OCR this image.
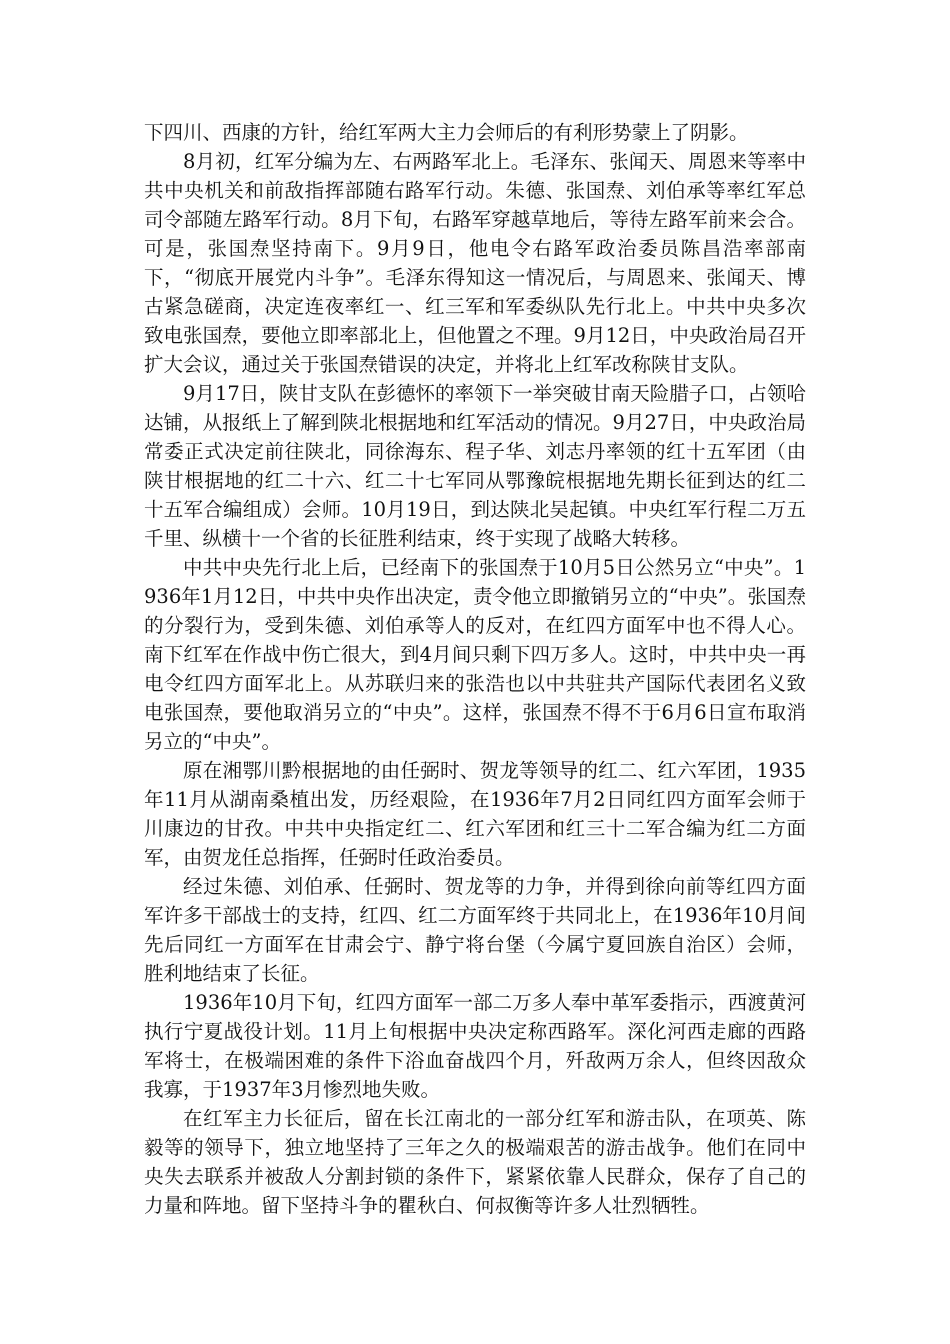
下四川、西康的方针，给红军两大主力会师后的有利形势蒙上了阴影。

8月初，红军分编为左、右两路军北上。毛泽东、张闻天、周恩来等率中共中央机关和前敌指挥部随右路军行动。朱德、张国焘、刘伯承等率红军总司令部随左路军行动。8月下旬，右路军穿越草地后，等待左路军前来会合。可是，张国焘坚持南下。9月9日，他电令右路军政治委员陈昌浩率部南下，“彻底开展党内斗争”。毛泽东得知这一情况后，与周恩来、张闻天、博古紧急磋商，决定连夜率红一、红三军和军委纵队先行北上。中共中央多次致电张国焘，要他立即率部北上，但他置之不理。9月12日，中央政治局召开扩大会议，通过关于张国焘错误的决定，并将北上红军改称陕甘支队。

9月17日，陕甘支队在彭德怀的率领下一举突破甘南天险腊子口，占领哈达铺，从报纸上了解到陕北根据地和红军活动的情况。9月27日，中央政治局常委正式决定前往陕北，同徐海东、程子华、刘志丹率领的红十五军团（由陕甘根据地的红二十六、红二十七军同从鄂豫皖根据地先期长征到达的红二十五军合编组成）会师。10月19日，到达陕北吴起镇。中央红军行程二万五千里、纵横十一个省的长征胜利结束，终于实现了战略大转移。

中共中央先行北上后，已经南下的张国焘于10月5日公然另立“中央”。1936年1月12日，中共中央作出决定，责令他立即撤销另立的“中央”。张国焘的分裂行为，受到朱德、刘伯承等人的反对，在红四方面军中也不得人心。南下红军在作战中伤亡很大，到4月间只剩下四万多人。这时，中共中央一再电令红四方面军北上。从苏联归来的张浩也以中共驻共产国际代表团名义致电张国焘，要他取消另立的“中央”。这样，张国焘不得不于6月6日宣布取消另立的“中央”。

原在湘鄂川黔根据地的由任弼时、贺龙等领导的红二、红六军团，1935年11月从湖南桑植出发，历经艰险，在1936年7月2日同红四方面军会师于川康边的甘孜。中共中央指定红二、红六军团和红三十二军合编为红二方面军，由贺龙任总指挥，任弼时任政治委员。

经过朱德、刘伯承、任弼时、贺龙等的力争，并得到徐向前等红四方面军许多干部战士的支持，红四、红二方面军终于共同北上，在1936年10月间先后同红一方面军在甘肃会宁、静宁将台堡（今属宁夏回族自治区）会师，胜利地结束了长征。

1936年10月下旬，红四方面军一部二万多人奉中革军委指示，西渡黄河执行宁夏战役计划。11月上旬根据中央决定称西路军。深化河西走廊的西路军将士，在极端困难的条件下浴血奋战四个月，歼敌两万余人，但终因敌众我寡，于1937年3月惨烈地失败。

在红军主力长征后，留在长江南北的一部分红军和游击队，在项英、陈毅等的领导下，独立地坚持了三年之久的极端艰苦的游击战争。他们在同中央失去联系并被敌人分割封锁的条件下，紧紧依靠人民群众，保存了自己的力量和阵地。留下坚持斗争的瞿秋白、何叔衡等许多人壮烈牺牲。
